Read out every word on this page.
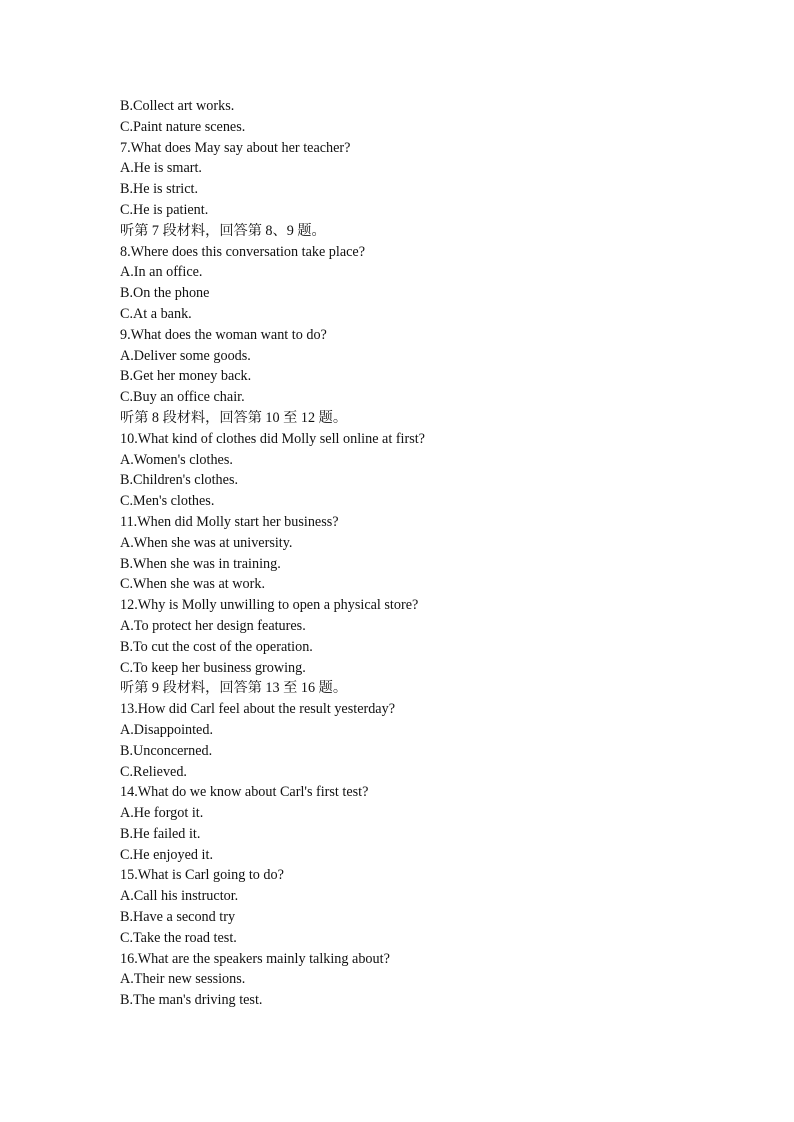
B.Collect art works.
C.Paint nature scenes.
7.What does May say about her teacher?
A.He is smart.
B.He is strict.
C.He is patient.
听第 7 段材料，回答第 8、9 题。
8.Where does this conversation take place?
A.In an office.
B.On the phone
C.At a bank.
9.What does the woman want to do?
A.Deliver some goods.
B.Get her money back.
C.Buy an office chair.
听第 8 段材料，回答第 10 至 12 题。
10.What kind of clothes did Molly sell online at first?
A.Women's clothes.
B.Children's clothes.
C.Men's clothes.
11.When did Molly start her business?
A.When she was at university.
B.When she was in training.
C.When she was at work.
12.Why is Molly unwilling to open a physical store?
A.To protect her design features.
B.To cut the cost of the operation.
C.To keep her business growing.
听第 9 段材料，回答第 13 至 16 题。
13.How did Carl feel about the result yesterday?
A.Disappointed.
B.Unconcerned.
C.Relieved.
14.What do we know about Carl's first test?
A.He forgot it.
B.He failed it.
C.He enjoyed it.
15.What is Carl going to do?
A.Call his instructor.
B.Have a second try
C.Take the road test.
16.What are the speakers mainly talking about?
A.Their new sessions.
B.The man's driving test.
